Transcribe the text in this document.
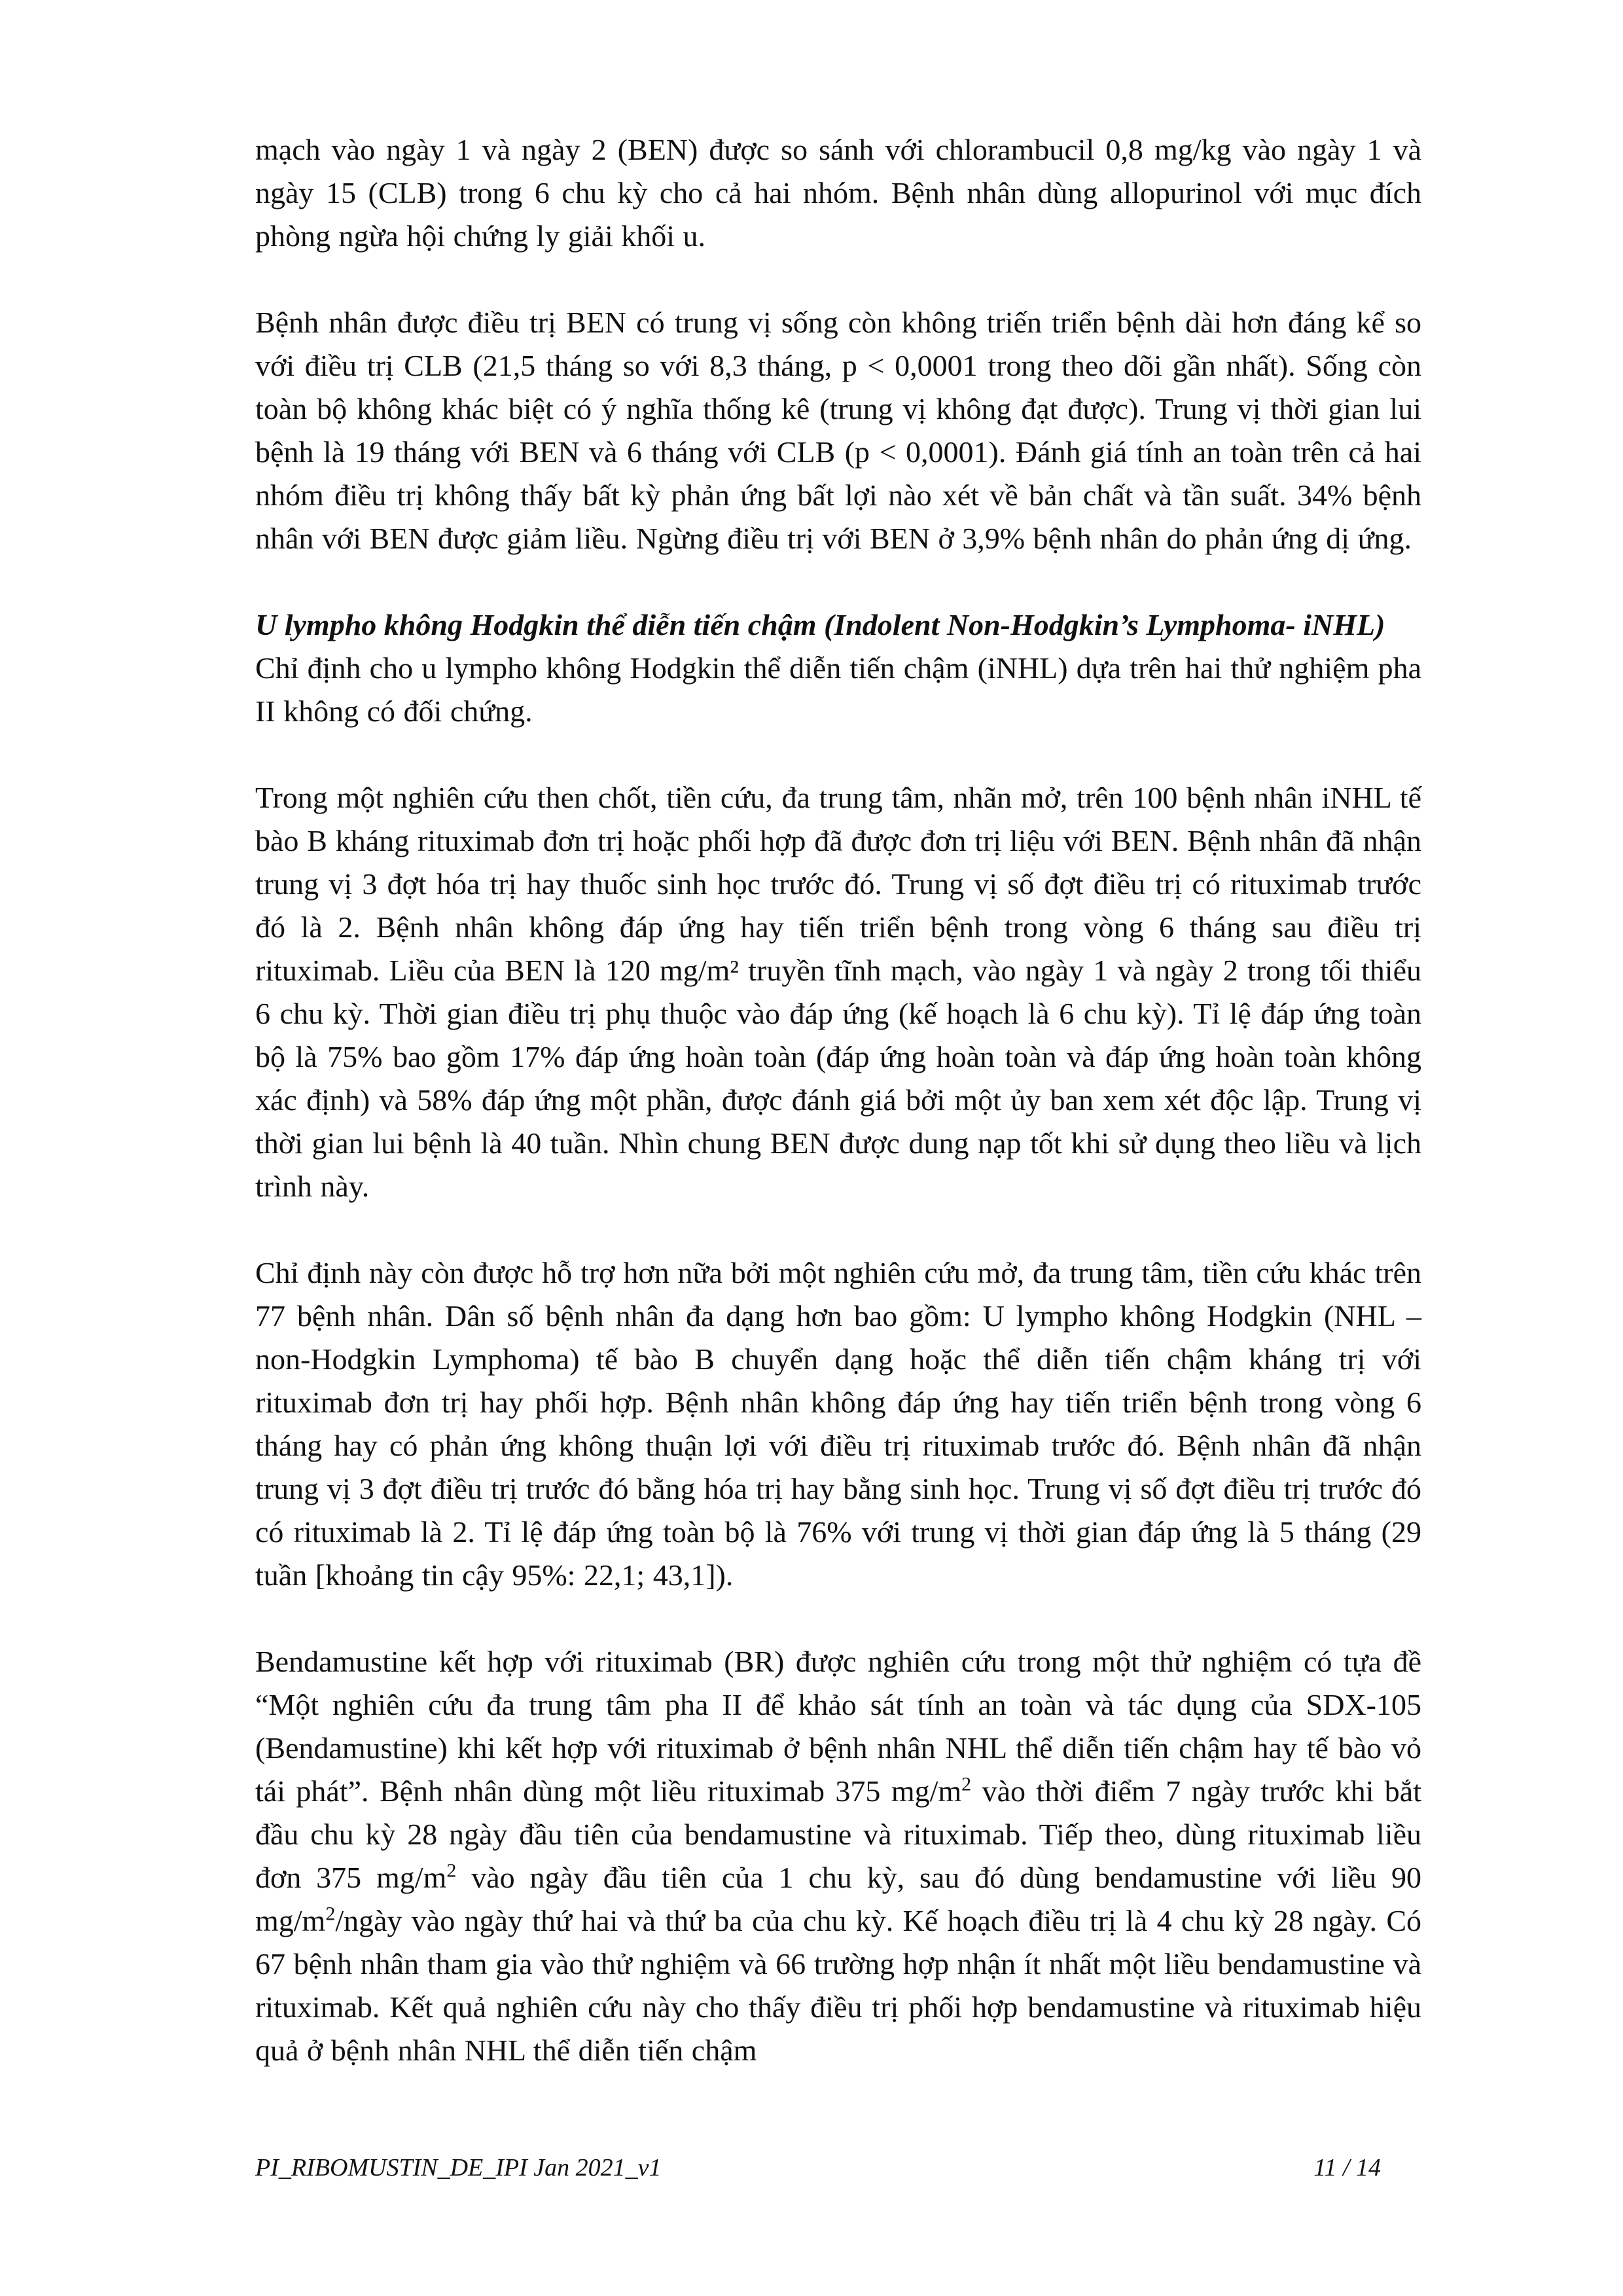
mạch vào ngày 1 và ngày 2 (BEN) được so sánh với chlorambucil 0,8 mg/kg vào ngày 1 và ngày 15 (CLB) trong 6 chu kỳ cho cả hai nhóm. Bệnh nhân dùng allopurinol với mục đích phòng ngừa hội chứng ly giải khối u.

Bệnh nhân được điều trị BEN có trung vị sống còn không triến triển bệnh dài hơn đáng kể so với điều trị CLB (21,5 tháng so với 8,3 tháng, p < 0,0001 trong theo dõi gần nhất). Sống còn toàn bộ không khác biệt có ý nghĩa thống kê (trung vị không đạt được). Trung vị thời gian lui bệnh là 19 tháng với BEN và 6 tháng với CLB (p < 0,0001). Đánh giá tính an toàn trên cả hai nhóm điều trị không thấy bất kỳ phản ứng bất lợi nào xét về bản chất và tần suất. 34% bệnh nhân với BEN được giảm liều. Ngừng điều trị với BEN ở 3,9% bệnh nhân do phản ứng dị ứng.

U lympho không Hodgkin thể diễn tiến chậm (Indolent Non-Hodgkin’s Lymphoma- iNHL)

Chỉ định cho u lympho không Hodgkin thể diễn tiến chậm (iNHL) dựa trên hai thử nghiệm pha II không có đối chứng.

Trong một nghiên cứu then chốt, tiền cứu, đa trung tâm, nhãn mở, trên 100 bệnh nhân iNHL tế bào B kháng rituximab đơn trị hoặc phối hợp đã được đơn trị liệu với BEN. Bệnh nhân đã nhận trung vị 3 đợt hóa trị hay thuốc sinh học trước đó. Trung vị số đợt điều trị có rituximab trước đó là 2. Bệnh nhân không đáp ứng hay tiến triển bệnh trong vòng 6 tháng sau điều trị rituximab. Liều của BEN là 120 mg/m² truyền tĩnh mạch, vào ngày 1 và ngày 2 trong tối thiểu 6 chu kỳ. Thời gian điều trị phụ thuộc vào đáp ứng (kế hoạch là 6 chu kỳ). Tỉ lệ đáp ứng toàn bộ là 75% bao gồm 17% đáp ứng hoàn toàn (đáp ứng hoàn toàn và đáp ứng hoàn toàn không xác định) và 58% đáp ứng một phần, được đánh giá bởi một ủy ban xem xét độc lập. Trung vị thời gian lui bệnh là 40 tuần. Nhìn chung BEN được dung nạp tốt khi sử dụng theo liều và lịch trình này.

Chỉ định này còn được hỗ trợ hơn nữa bởi một nghiên cứu mở, đa trung tâm, tiền cứu khác trên 77 bệnh nhân. Dân số bệnh nhân đa dạng hơn bao gồm: U lympho không Hodgkin (NHL – non-Hodgkin Lymphoma) tế bào B chuyển dạng hoặc thể diễn tiến chậm kháng trị với rituximab đơn trị hay phối hợp. Bệnh nhân không đáp ứng hay tiến triển bệnh trong vòng 6 tháng hay có phản ứng không thuận lợi với điều trị rituximab trước đó. Bệnh nhân đã nhận trung vị 3 đợt điều trị trước đó bằng hóa trị hay bằng sinh học. Trung vị số đợt điều trị trước đó có rituximab là 2. Tỉ lệ đáp ứng toàn bộ là 76% với trung vị thời gian đáp ứng là 5 tháng (29 tuần [khoảng tin cậy 95%: 22,1; 43,1]).

Bendamustine kết hợp với rituximab (BR) được nghiên cứu trong một thử nghiệm có tựa đề “Một nghiên cứu đa trung tâm pha II để khảo sát tính an toàn và tác dụng của SDX-105 (Bendamustine) khi kết hợp với rituximab ở bệnh nhân NHL thể diễn tiến chậm hay tế bào vỏ tái phát”. Bệnh nhân dùng một liều rituximab 375 $mg/m^2$ vào thời điểm 7 ngày trước khi bắt đầu chu kỳ 28 ngày đầu tiên của bendamustine và rituximab. Tiếp theo, dùng rituximab liều đơn 375 $mg/m^2$ vào ngày đầu tiên của 1 chu kỳ, sau đó dùng bendamustine với liều 90 $mg/m^2$/ngày vào ngày thứ hai và thứ ba của chu kỳ. Kế hoạch điều trị là 4 chu kỳ 28 ngày. Có 67 bệnh nhân tham gia vào thử nghiệm và 66 trường hợp nhận ít nhất một liều bendamustine và rituximab. Kết quả nghiên cứu này cho thấy điều trị phối hợp bendamustine và rituximab hiệu quả ở bệnh nhân NHL thể diễn tiến chậm

PI_RIBOMUSTIN_DE_IPI Jan 2021_v1	11 / 14
